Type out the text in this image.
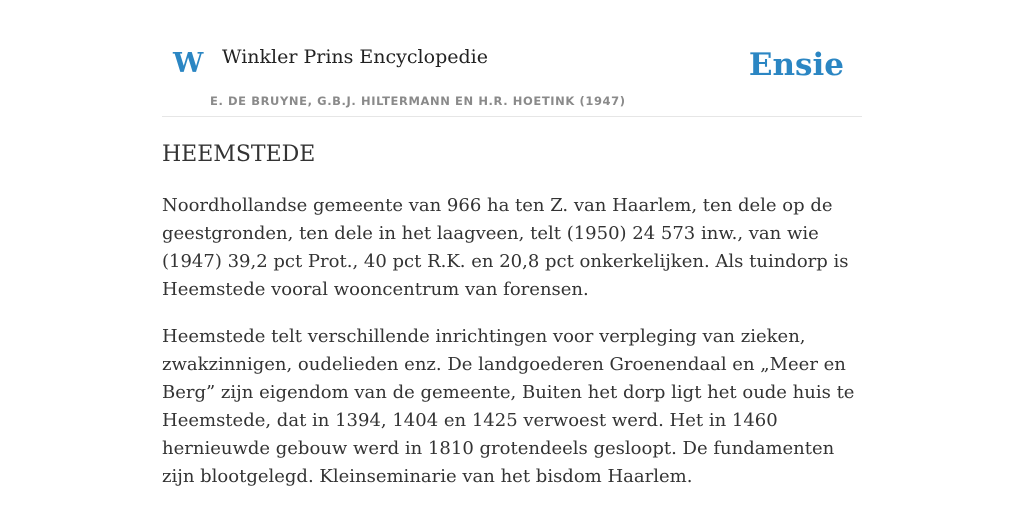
W Winkler Prins Encyclopedie
E. DE BRUYNE, G.B.J. HILTERMANN EN H.R. HOETINK (1947)
Ensie
HEEMSTEDE

Noordhollandse gemeente van 966 ha ten Z. van Haarlem, ten dele op de geestgronden, ten dele in het laagveen, telt (1950) 24 573 inw., van wie (1947) 39,2 pct Prot., 40 pct R.K. en 20,8 pct onkerkelijken. Als tuindorp is Heemstede vooral wooncentrum van forensen.

Heemstede telt verschillende inrichtingen voor verpleging van zieken, zwakzinnigen, oudelieden enz. De landgoederen Groenendaal en „Meer en Berg” zijn eigendom van de gemeente, Buiten het dorp ligt het oude huis te Heemstede, dat in 1394, 1404 en 1425 verwoest werd. Het in 1460 hernieuwde gebouw werd in 1810 grotendeels gesloopt. De fundamenten zijn blootgelegd. Kleinseminarie van het bisdom Haarlem.
